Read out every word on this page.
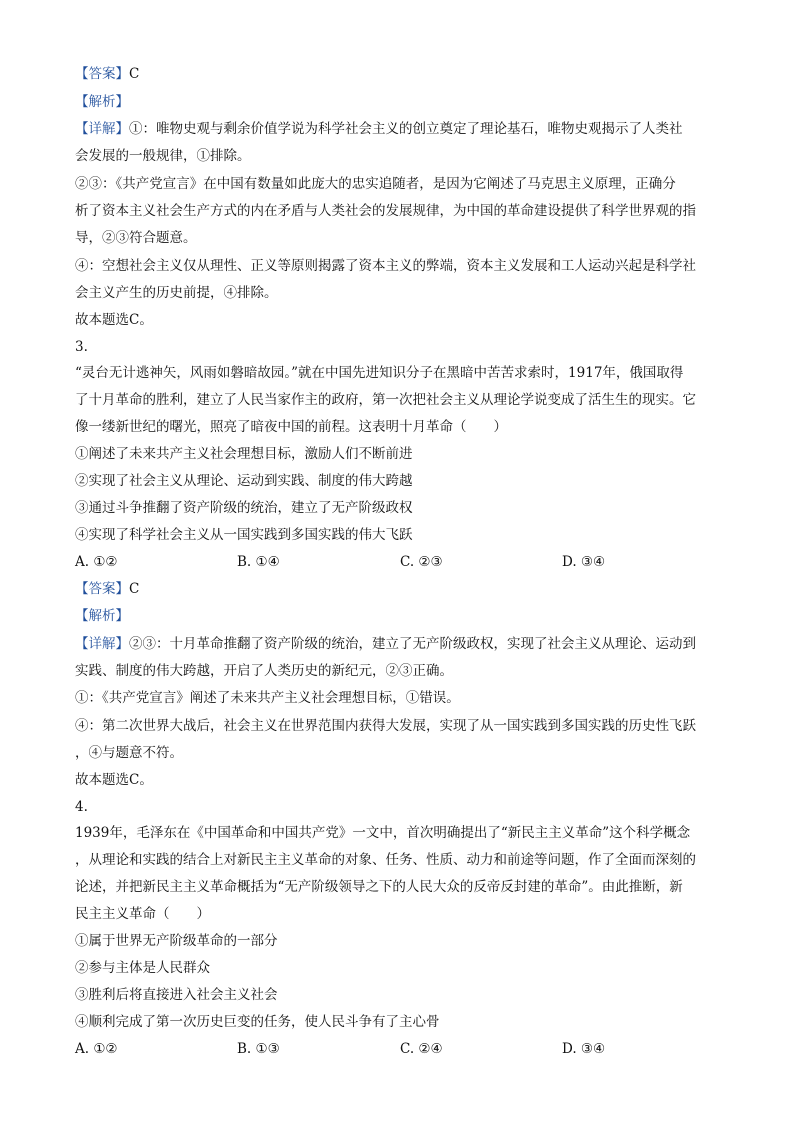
【答案】C
【解析】
【详解】①：唯物史观与剩余价值学说为科学社会主义的创立奠定了理论基石，唯物史观揭示了人类社
会发展的一般规律，①排除。
②③：《共产党宣言》在中国有数量如此庞大的忠实追随者，是因为它阐述了马克思主义原理，正确分
析了资本主义社会生产方式的内在矛盾与人类社会的发展规律，为中国的革命建设提供了科学世界观的指
导，②③符合题意。
④：空想社会主义仅从理性、正义等原则揭露了资本主义的弊端，资本主义发展和工人运动兴起是科学社
会主义产生的历史前提，④排除。
故本题选C。
3.
“灵台无计逃神矢，风雨如磐暗故园。”就在中国先进知识分子在黑暗中苦苦求索时，1917年，俄国取得
了十月革命的胜利，建立了人民当家作主的政府，第一次把社会主义从理论学说变成了活生生的现实。它
像一缕新世纪的曙光，照亮了暗夜中国的前程。这表明十月革命（　　）
①阐述了未来共产主义社会理想目标，激励人们不断前进
②实现了社会主义从理论、运动到实践、制度的伟大跨越
③通过斗争推翻了资产阶级的统治，建立了无产阶级政权
④实现了科学社会主义从一国实践到多国实践的伟大飞跃
A. ①②	B. ①④	C. ②③	D. ③④
【答案】C
【解析】
【详解】②③：十月革命推翻了资产阶级的统治，建立了无产阶级政权，实现了社会主义从理论、运动到
实践、制度的伟大跨越，开启了人类历史的新纪元，②③正确。
①：《共产党宣言》阐述了未来共产主义社会理想目标，①错误。
④：第二次世界大战后，社会主义在世界范围内获得大发展，实现了从一国实践到多国实践的历史性飞跃
，④与题意不符。
故本题选C。
4.
1939年，毛泽东在《中国革命和中国共产党》一文中，首次明确提出了“新民主主义革命”这个科学概念
，从理论和实践的结合上对新民主主义革命的对象、任务、性质、动力和前途等问题，作了全面而深刻的
论述，并把新民主主义革命概括为“无产阶级领导之下的人民大众的反帝反封建的革命”。由此推断，新
民主主义革命（　　）
①属于世界无产阶级革命的一部分
②参与主体是人民群众
③胜利后将直接进入社会主义社会
④顺利完成了第一次历史巨变的任务，使人民斗争有了主心骨
A. ①②	B. ①③	C. ②④	D. ③④
